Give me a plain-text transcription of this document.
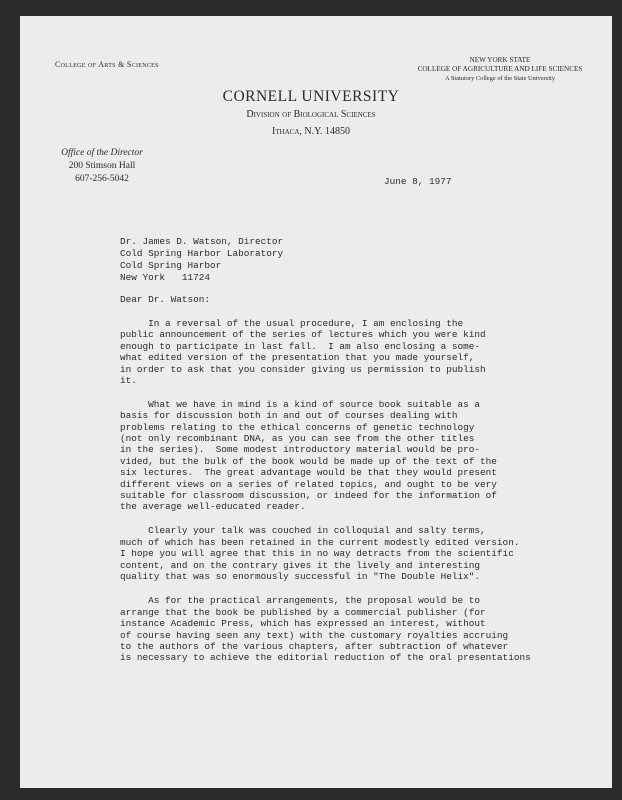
College of Arts & Sciences	NEW YORK STATE
COLLEGE OF AGRICULTURE AND LIFE SCIENCES
A Statutory College of the State University
CORNELL UNIVERSITY
Division of Biological Sciences
Ithaca, N.Y. 14850
Office of the Director
200 Stimson Hall
607-256-5042	June 8, 1977
Dr. James D. Watson, Director
Cold Spring Harbor Laboratory
Cold Spring Harbor
New York   11724
Dear Dr. Watson:
In a reversal of the usual procedure, I am enclosing the
public announcement of the series of lectures which you were kind
enough to participate in last fall.  I am also enclosing a some-
what edited version of the presentation that you made yourself,
in order to ask that you consider giving us permission to publish
it.
What we have in mind is a kind of source book suitable as a
basis for discussion both in and out of courses dealing with
problems relating to the ethical concerns of genetic technology
(not only recombinant DNA, as you can see from the other titles
in the series).  Some modest introductory material would be pro-
vided, but the bulk of the book would be made up of the text of the
six lectures.  The great advantage would be that they would present
different views on a series of related topics, and ought to be very
suitable for classroom discussion, or indeed for the information of
the average well-educated reader.
Clearly your talk was couched in colloquial and salty terms,
much of which has been retained in the current modestly edited version.
I hope you will agree that this in no way detracts from the scientific
content, and on the contrary gives it the lively and interesting
quality that was so enormously successful in "The Double Helix".
As for the practical arrangements, the proposal would be to
arrange that the book be published by a commercial publisher (for
instance Academic Press, which has expressed an interest, without
of course having seen any text) with the customary royalties accruing
to the authors of the various chapters, after subtraction of whatever
is necessary to achieve the editorial reduction of the oral presentations
